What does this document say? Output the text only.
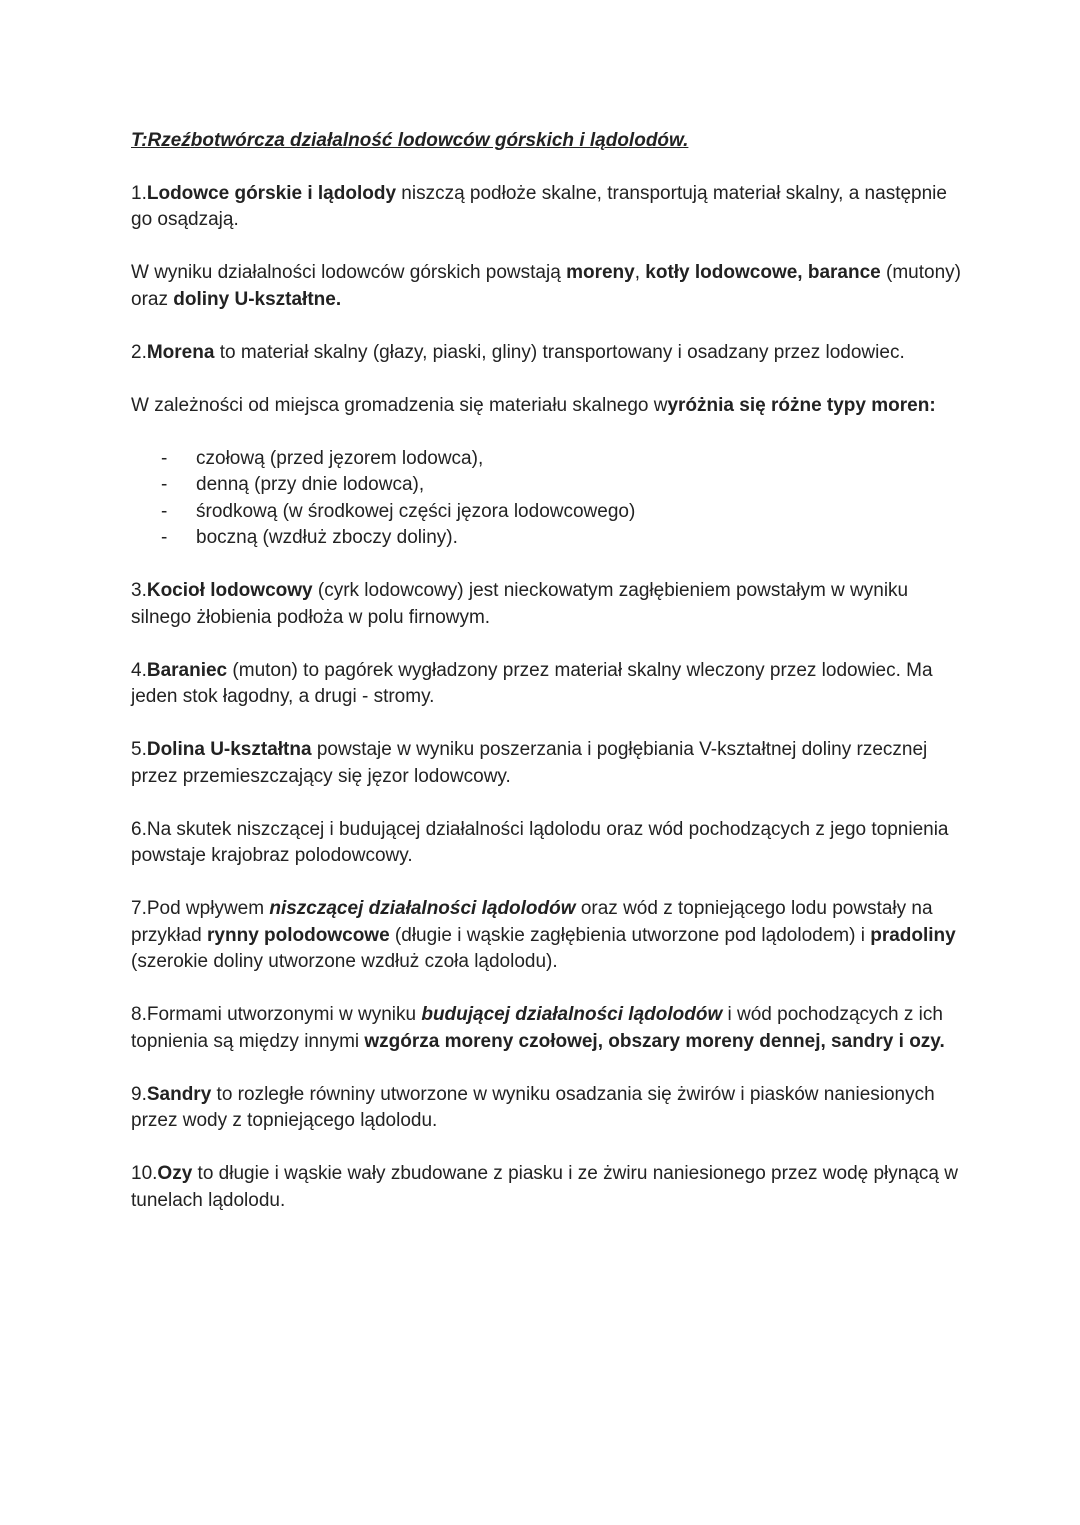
T:Rzeźbotwórcza działalność lodowców górskich i lądolodów.

1.Lodowce górskie i lądolody niszczą podłoże skalne, transportują materiał skalny, a następnie go osądzają.

W wyniku działalności lodowców górskich powstają moreny, kotły lodowcowe, barance (mutony) oraz doliny U-kształtne.

2.Morena to materiał skalny (głazy, piaski, gliny) transportowany i osadzany przez lodowiec.

W zależności od miejsca gromadzenia się materiału skalnego wyróżnia się różne typy moren:

- czołową (przed jęzorem lodowca),
- denną (przy dnie lodowca),
- środkową (w środkowej części jęzora lodowcowego)
- boczną (wzdłuż zboczy doliny).

3.Kocioł lodowcowy (cyrk lodowcowy) jest nieckowatym zagłębieniem powstałym w wyniku silnego żłobienia podłoża w polu firnowym.

4.Baraniec (muton) to pagórek wygładzony przez materiał skalny wleczony przez lodowiec. Ma jeden stok łagodny, a drugi - stromy.

5.Dolina U-kształtna powstaje w wyniku poszerzania i pogłębiania V-kształtnej doliny rzecznej przez przemieszczający się jęzor lodowcowy.

6.Na skutek niszczącej i budującej działalności lądolodu oraz wód pochodzących z jego topnienia powstaje krajobraz polodowcowy.

7.Pod wpływem niszczącej działalności lądolodów oraz wód z topniejącego lodu powstały na przykład rynny polodowcowe (długie i wąskie zagłębienia utworzone pod lądolodem) i pradoliny (szerokie doliny utworzone wzdłuż czoła lądolodu).

8.Formami utworzonymi w wyniku budującej działalności lądolodów i wód pochodzących z ich topnienia są między innymi wzgórza moreny czołowej, obszary moreny dennej, sandry i ozy.

9.Sandry to rozległe równiny utworzone w wyniku osadzania się żwirów i piasków naniesionych przez wody z topniejącego lądolodu.

10.Ozy to długie i wąskie wały zbudowane z piasku i ze żwiru naniesionego przez wodę płynącą w tunelach lądolodu.
